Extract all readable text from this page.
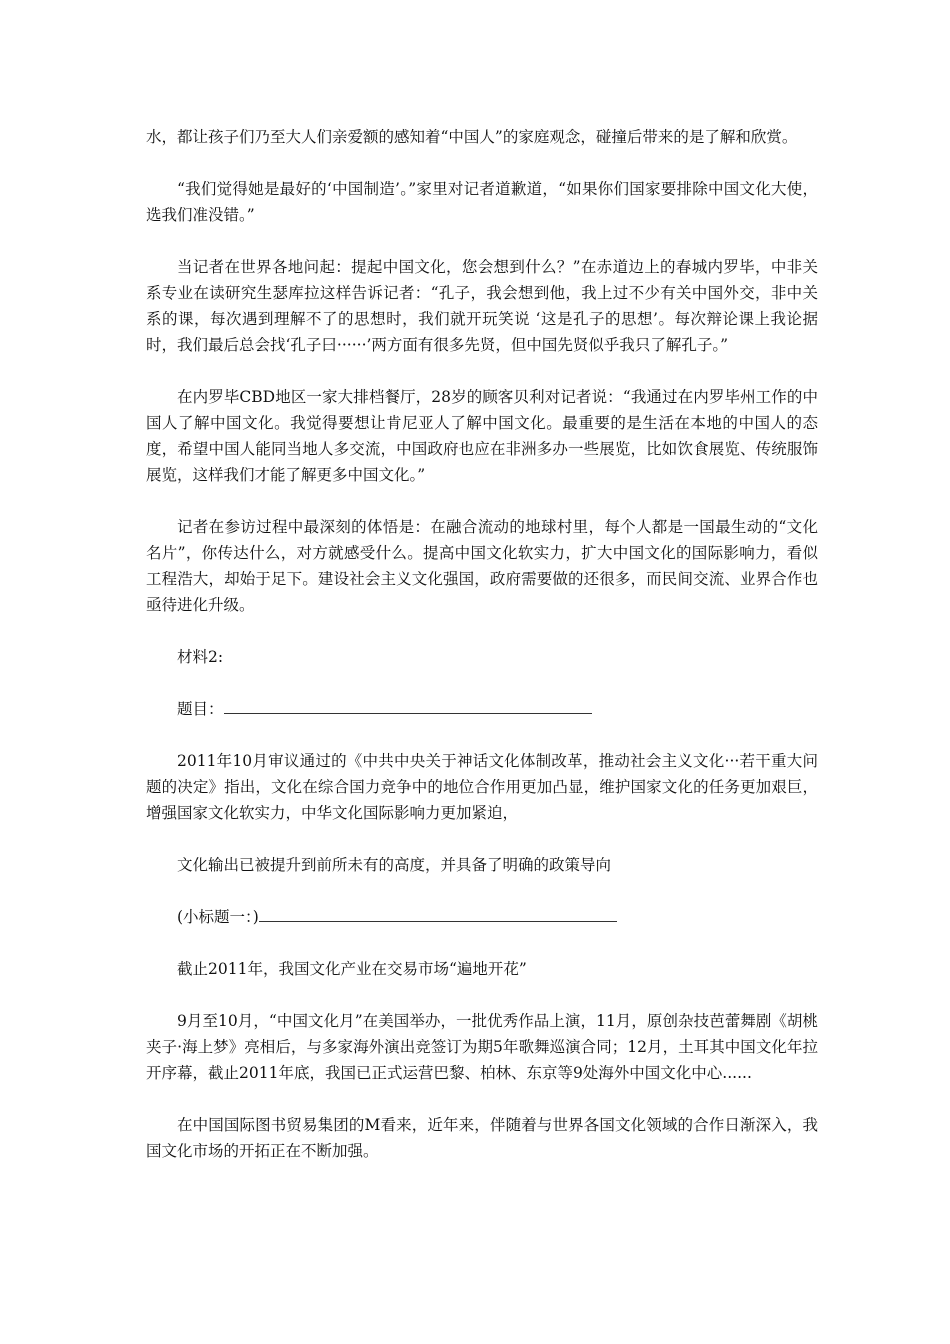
水，都让孩子们乃至大人们亲爱额的感知着“中国人”的家庭观念，碰撞后带来的是了解和欣赏。

“我们觉得她是最好的‘中国制造’。”家里对记者道歉道，“如果你们国家要排除中国文化大使，选我们准没错。”

当记者在世界各地问起：提起中国文化，您会想到什么？”在赤道边上的春城内罗毕，中非关系专业在读研究生瑟库拉这样告诉记者：“孔子，我会想到他，我上过不少有关中国外交，非中关系的课，每次遇到理解不了的思想时，我们就开玩笑说 ‘这是孔子的思想’。每次辩论课上我论据时，我们最后总会找‘孔子曰······’两方面有很多先贤，但中国先贤似乎我只了解孔子。”

在内罗毕CBD地区一家大排档餐厅，28岁的顾客贝利对记者说：“我通过在内罗毕州工作的中国人了解中国文化。我觉得要想让肯尼亚人了解中国文化。最重要的是生活在本地的中国人的态度，希望中国人能同当地人多交流，中国政府也应在非洲多办一些展览，比如饮食展览、传统服饰展览，这样我们才能了解更多中国文化。”

记者在参访过程中最深刻的体悟是：在融合流动的地球村里，每个人都是一国最生动的“文化名片”，你传达什么，对方就感受什么。提高中国文化软实力，扩大中国文化的国际影响力，看似工程浩大，却始于足下。建设社会主义文化强国，政府需要做的还很多，而民间交流、业界合作也亟待进化升级。

材料2:

题目：

2011年10月审议通过的《中共中央关于神话文化体制改革，推动社会主义文化···若干重大问题的决定》指出，文化在综合国力竞争中的地位合作用更加凸显，维护国家文化的任务更加艰巨，增强国家文化软实力，中华文化国际影响力更加紧迫，

文化输出已被提升到前所未有的高度，并具备了明确的政策导向

(小标题一：)

截止2011年，我国文化产业在交易市场“遍地开花”

9月至10月，“中国文化月”在美国举办，一批优秀作品上演，11月，原创杂技芭蕾舞剧《胡桃夹子·海上梦》亮相后，与多家海外演出竞签订为期5年歌舞巡演合同；12月，土耳其中国文化年拉开序幕，截止2011年底，我国已正式运营巴黎、柏林、东京等9处海外中国文化中心......

在中国国际图书贸易集团的M看来，近年来，伴随着与世界各国文化领域的合作日渐深入，我国文化市场的开拓正在不断加强。
